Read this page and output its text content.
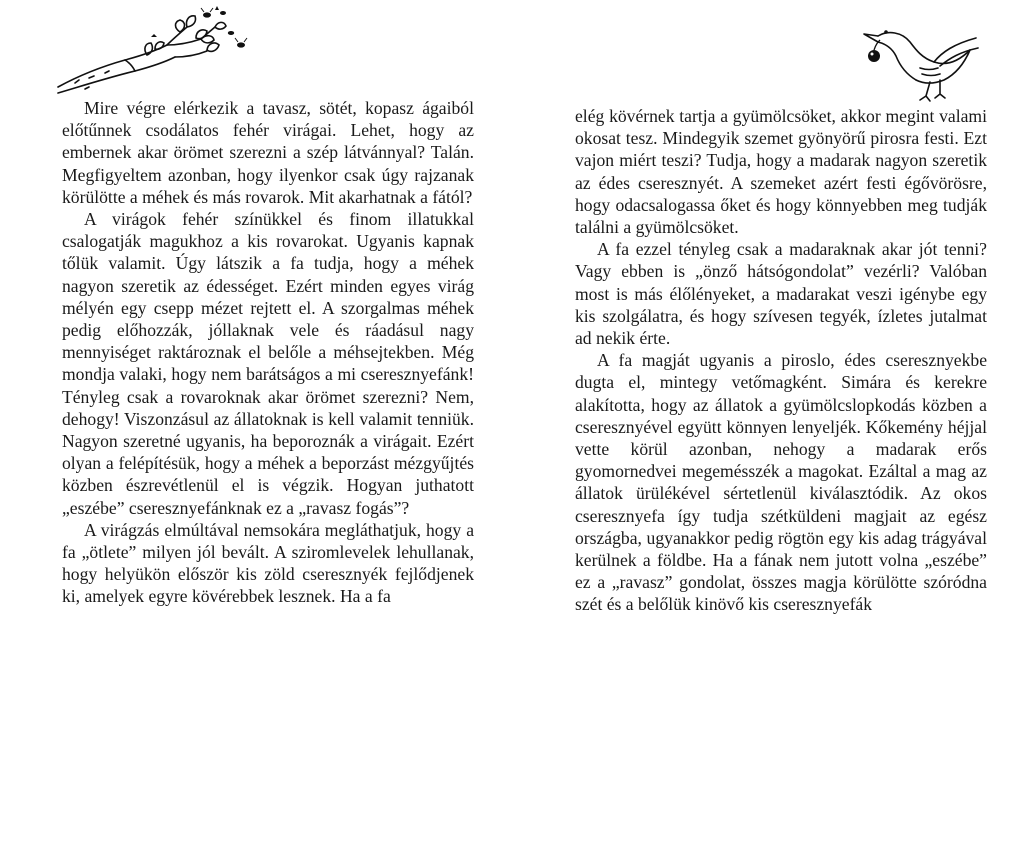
Mire végre elérkezik a tavasz, sötét, kopasz ágaiból előtűnnek csodálatos fehér virágai. Lehet, hogy az embernek akar örömet szerezni a szép látvánnyal? Talán. Megfigyeltem azonban, hogy ilyenkor csak úgy rajzanak körülötte a méhek és más rovarok. Mit akarhatnak a fától?

A virágok fehér színükkel és finom illatukkal csalogatják magukhoz a kis rovarokat. Ugyanis kapnak tőlük valamit. Úgy látszik a fa tudja, hogy a méhek nagyon szeretik az édességet. Ezért minden egyes virág mélyén egy csepp mézet rejtett el. A szorgalmas méhek pedig előhozzák, jóllaknak vele és ráadásul nagy mennyiséget raktároznak el belőle a méhsejtekben. Még mondja valaki, hogy nem barátságos a mi cseresznyefánk! Tényleg csak a rovaroknak akar örömet szerezni? Nem, dehogy! Viszonzásul az állatoknak is kell valamit tenniük. Nagyon szeretné ugyanis, ha beporoznák a virágait. Ezért olyan a felépítésük, hogy a méhek a beporzást mézgyűjtés közben észrevétlenül el is végzik. Hogyan juthatott „eszébe” cseresznyefánknak ez a „ravasz fogás”?

A virágzás elmúltával nemsokára megláthatjuk, hogy a fa „ötlete” milyen jól bevált. A sziromlevelek lehullanak, hogy helyükön először kis zöld cseresznyék fejlődjenek ki, amelyek egyre kövérebbek lesznek. Ha a fa

elég kövérnek tartja a gyümölcsöket, akkor megint valami okosat tesz. Mindegyik szemet gyönyörű pirosra festi. Ezt vajon miért teszi? Tudja, hogy a madarak nagyon szeretik az édes cseresznyét. A szemeket azért festi égővörösre, hogy odacsalogassa őket és hogy könnyebben meg tudják találni a gyümölcsöket.

A fa ezzel tényleg csak a madaraknak akar jót tenni? Vagy ebben is „önző hátsógondolat” vezérli? Valóban most is más élőlényeket, a madarakat veszi igénybe egy kis szolgálatra, és hogy szívesen tegyék, ízletes jutalmat ad nekik érte.

A fa magját ugyanis a piroslo, édes cseresznyekbe dugta el, mintegy vetőmagként. Simára és kerekre alakította, hogy az állatok a gyümölcslopkodás közben a cseresznyével együtt könnyen lenyeljék. Kőkemény héjjal vette körül azonban, nehogy a madarak erős gyomornedvei megemésszék a magokat. Ezáltal a mag az állatok ürülékével sértetlenül kiválasztódik. Az okos cseresznyefa így tudja szétküldeni magjait az egész országba, ugyanakkor pedig rögtön egy kis adag trágyával kerülnek a földbe. Ha a fának nem jutott volna „eszébe” ez a „ravasz” gondolat, összes magja körülötte szóródna szét és a belőlük kinövő kis cseresznyefák
